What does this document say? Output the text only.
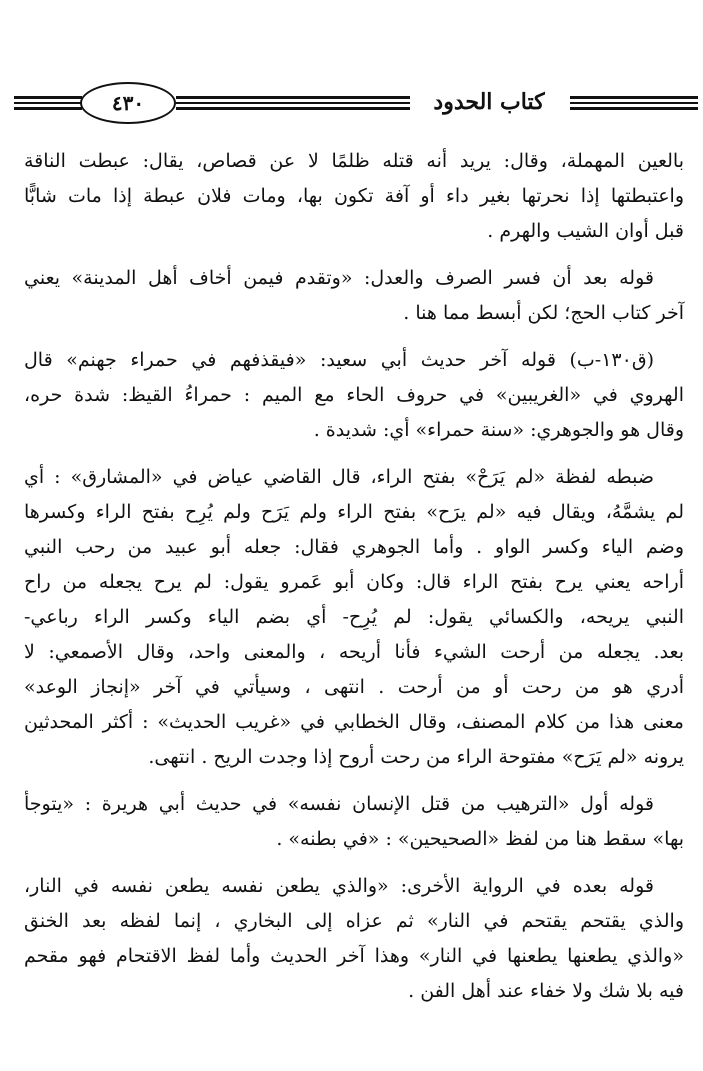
٤٣٠	كتاب الحدود
بالعين المهملة، وقال: يريد أنه قتله ظلمًا لا عن قصاص، يقال: عبطت الناقة
واعتبطتها إذا نحرتها بغير داء أو آفة تكون بها، ومات فلان عبطة إذا مات شابًّا
قبل أوان الشيب والهرم .
قوله بعد أن فسر الصرف والعدل: «وتقدم فيمن أخاف أهل المدينة» يعني
آخر كتاب الحج؛ لكن أبسط مما هنا .
(ق١٣٠-ب) قوله آخر حديث أبي سعيد: «فيقذفهم في حمراء جهنم» قال
الهروي في «الغريبين» في حروف الحاء مع الميم : حمراءُ القيظ: شدة حره،
وقال هو والجوهري: «سنة حمراء» أي: شديدة .
ضبطه لفظة «لم يَرَحْ» بفتح الراء، قال القاضي عياض في «المشارق» : أي
لم يشمَّهُ، ويقال فيه «لم يرَح» بفتح الراء ولم يَرَح ولم يُرِح بفتح الراء وكسرها
وضم الياء وكسر الواو . وأما الجوهري فقال: جعله أبو عبيد من رحب النبي
أراحه يعني يرح بفتح الراء قال: وكان أبو عَمرو يقول: لم يرح يجعله من راح
النبي يريحه، والكسائي يقول: لم يُرِح- أي بضم الياء وكسر الراء رباعي-
بعد. يجعله من أرحت الشيء فأنا أريحه ، والمعنى واحد، وقال الأصمعي: لا
أدري هو من رحت أو من أرحت . انتهى ، وسيأتي في آخر «إنجاز الوعد»
معنى هذا من كلام المصنف، وقال الخطابي في «غريب الحديث» : أكثر المحدثين
يرونه «لم يَرَح» مفتوحة الراء من رحت أروح إذا وجدت الريح . انتهى.
قوله أول «الترهيب من قتل الإنسان نفسه» في حديث أبي هريرة : «يتوجأ
بها» سقط هنا من لفظ «الصحيحين» : «في بطنه» .
قوله بعده في الرواية الأخرى: «والذي يطعن نفسه يطعن نفسه في النار،
والذي يقتحم يقتحم في النار» ثم عزاه إلى البخاري ، إنما لفظه بعد الخنق
«والذي يطعنها يطعنها في النار» وهذا آخر الحديث وأما لفظ الاقتحام فهو مقحم
فيه بلا شك ولا خفاء عند أهل الفن .
